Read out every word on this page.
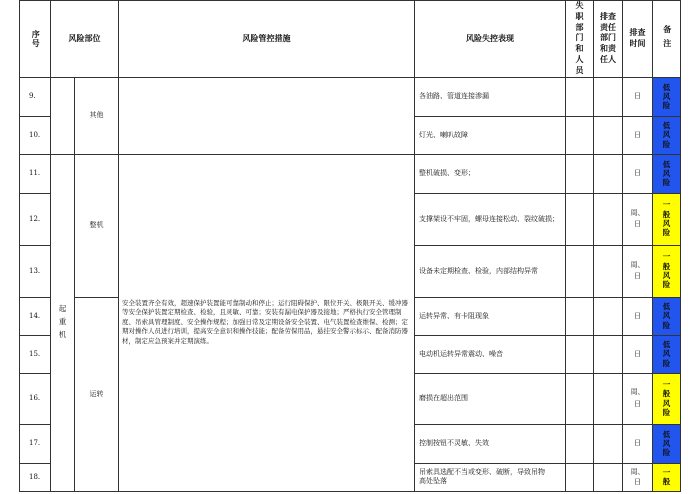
序号	风险部位		风险管控措施	风险失控表现	失职部门和人员	排查责任部门和责任人	排查时间	备注

9.		其他		各油路、管道连接渗漏			日	低
风
险

10.				灯光、喇叭故障			日	低
风
险

11.	起重机	整机	安全装置齐全有效，超速保护装置能可靠制动和停止；运行阻碍保护、限位开关、极限开关、缓冲器等安全保护装置定期检查、检验，且灵敏、可靠；安装有漏电保护器及接地；严格执行安全管理制度、吊索具管理制度、安全操作规程；加强日常及定期设备安全装置、电气装置检查维保、检测；定期对操作人员进行培训，提高安全意识和操作技能；配备劳保用品，悬挂安全警示标示、配备消防器材，制定应急预案并定期演练。	整机破损、变形；			日	低
风
险

12.				支撑架设不牢固，螺母连接松动、裂纹破损；			周、日	一
般
风
险

13.				设备未定期检查、检验，内部结构异常			周、日	一
般
风
险

14.		运转		运转异常、有卡阻现象			日	低
风
险

15.				电动机运转异常震动、噪音			日	低
风
险

16.				磨损在超出范围			周、日	一
般
风
险

17.				控制按钮不灵敏、失效			日	低
风
险

18.				吊索具选配不当或变形、破断，导致吊物高处坠落			周、日	一
般
